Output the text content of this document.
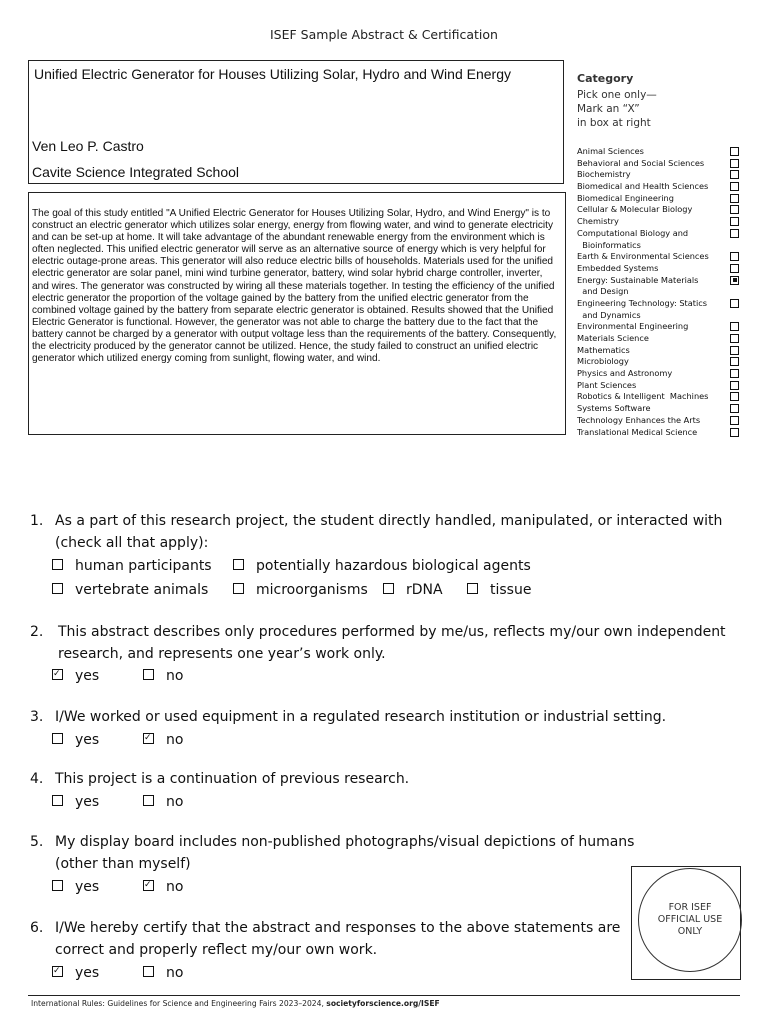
ISEF Sample Abstract & Certification
Unified Electric Generator for Houses Utilizing Solar, Hydro and Wind Energy
Ven Leo P. Castro
Cavite Science Integrated School
The goal of this study entitled "A Unified Electric Generator for Houses Utilizing Solar, Hydro, and Wind Energy" is to construct an electric generator which utilizes solar energy, energy from flowing water, and wind to generate electricity and can be set-up at home. It will take advantage of the abundant renewable energy from the environment which is often neglected. This unified electric generator will serve as an alternative source of energy which is very helpful for electric outage-prone areas. This generator will also reduce electric bills of households. Materials used for the unified electric generator are solar panel, mini wind turbine generator, battery, wind solar hybrid charge controller, inverter, and wires. The generator was constructed by wiring all these materials together. In testing the efficiency of the unified electric generator the proportion of the voltage gained by the battery from the unified electric generator from the combined voltage gained by the battery from separate electric generator is obtained. Results showed that the Unified Electric Generator is functional. However, the generator was not able to charge the battery due to the fact that the battery cannot be charged by a generator with output voltage less than the requirements of the battery. Consequently, the electricity produced by the generator cannot be utilized. Hence, the study failed to construct an unified electric generator which utilized energy coming from sunlight, flowing water, and wind.
Category
Pick one only—
Mark an “X”
in box at right
Animal Sciences
Behavioral and Social Sciences
Biochemistry
Biomedical and Health Sciences
Biomedical Engineering
Cellular & Molecular Biology
Chemistry
Computational Biology and
Bioinformatics
Earth & Environmental Sciences
Embedded Systems
Energy: Sustainable Materials
and Design
Engineering Technology: Statics
and Dynamics
Environmental Engineering
Materials Science
Mathematics
Microbiology
Physics and Astronomy
Plant Sciences
Robotics & Intelligent  Machines
Systems Software
Technology Enhances the Arts
Translational Medical Science
1. As a part of this research project, the student directly handled, manipulated, or interacted with
(check all that apply):
human participants	potentially hazardous biological agents
vertebrate animals	microorganisms	rDNA	tissue
2. This abstract describes only procedures performed by me/us, reflects my/our own independent
research, and represents one year’s work only.
✓yes	no
3. I/We worked or used equipment in a regulated research institution or industrial setting.
yes ✓	no
4. This project is a continuation of previous research.
yes	no
5. My display board includes non-published photographs/visual depictions of humans
(other than myself)
yes ✓	no
6. I/We hereby certify that the abstract and responses to the above statements are
correct and properly reflect my/our own work.
✓yes	no
FOR ISEF
OFFICIAL USE
ONLY
International Rules: Guidelines for Science and Engineering Fairs 2023–2024, societyforscience.org/ISEF
